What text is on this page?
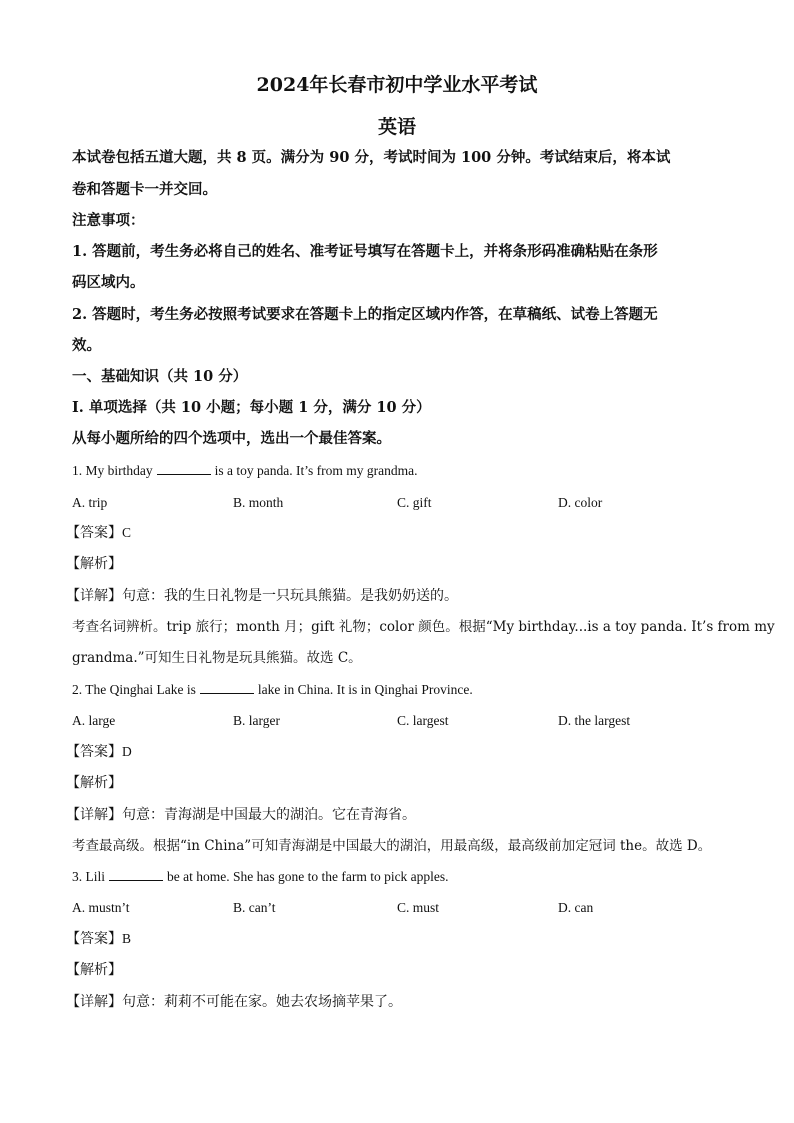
2024年长春市初中学业水平考试
英语
本试卷包括五道大题，共 8 页。满分为 90 分，考试时间为 100 分钟。考试结束后，将本试
卷和答题卡一并交回。
注意事项：
1. 答题前，考生务必将自己的姓名、准考证号填写在答题卡上，并将条形码准确粘贴在条形
码区域内。
2. 答题时，考生务必按照考试要求在答题卡上的指定区域内作答，在草稿纸、试卷上答题无
效。
一、基础知识（共 10 分）
Ⅰ. 单项选择（共 10 小题；每小题 1 分，满分 10 分）
从每小题所给的四个选项中，选出一个最佳答案。
1. My birthday	is a toy panda. It’s from my grandma.
A. trip	B. month	C. gift	D. color
【答案】C
【解析】
【详解】句意：我的生日礼物是一只玩具熊猫。是我奶奶送的。
考查名词辨析。trip 旅行；month 月；gift 礼物；color 颜色。根据“My birthday...is a toy panda. It’s from my
grandma.”可知生日礼物是玩具熊猫。故选 C。
2. The Qinghai Lake is	lake in China. It is in Qinghai Province.
A. large	B. larger	C. largest	D. the largest
【答案】D
【解析】
【详解】句意：青海湖是中国最大的湖泊。它在青海省。
考查最高级。根据“in China”可知青海湖是中国最大的湖泊，用最高级，最高级前加定冠词 the。故选 D。
3. Lili	be at home. She has gone to the farm to pick apples.
A. mustn’t	B. can’t	C. must	D. can
【答案】B
【解析】
【详解】句意：莉莉不可能在家。她去农场摘苹果了。
